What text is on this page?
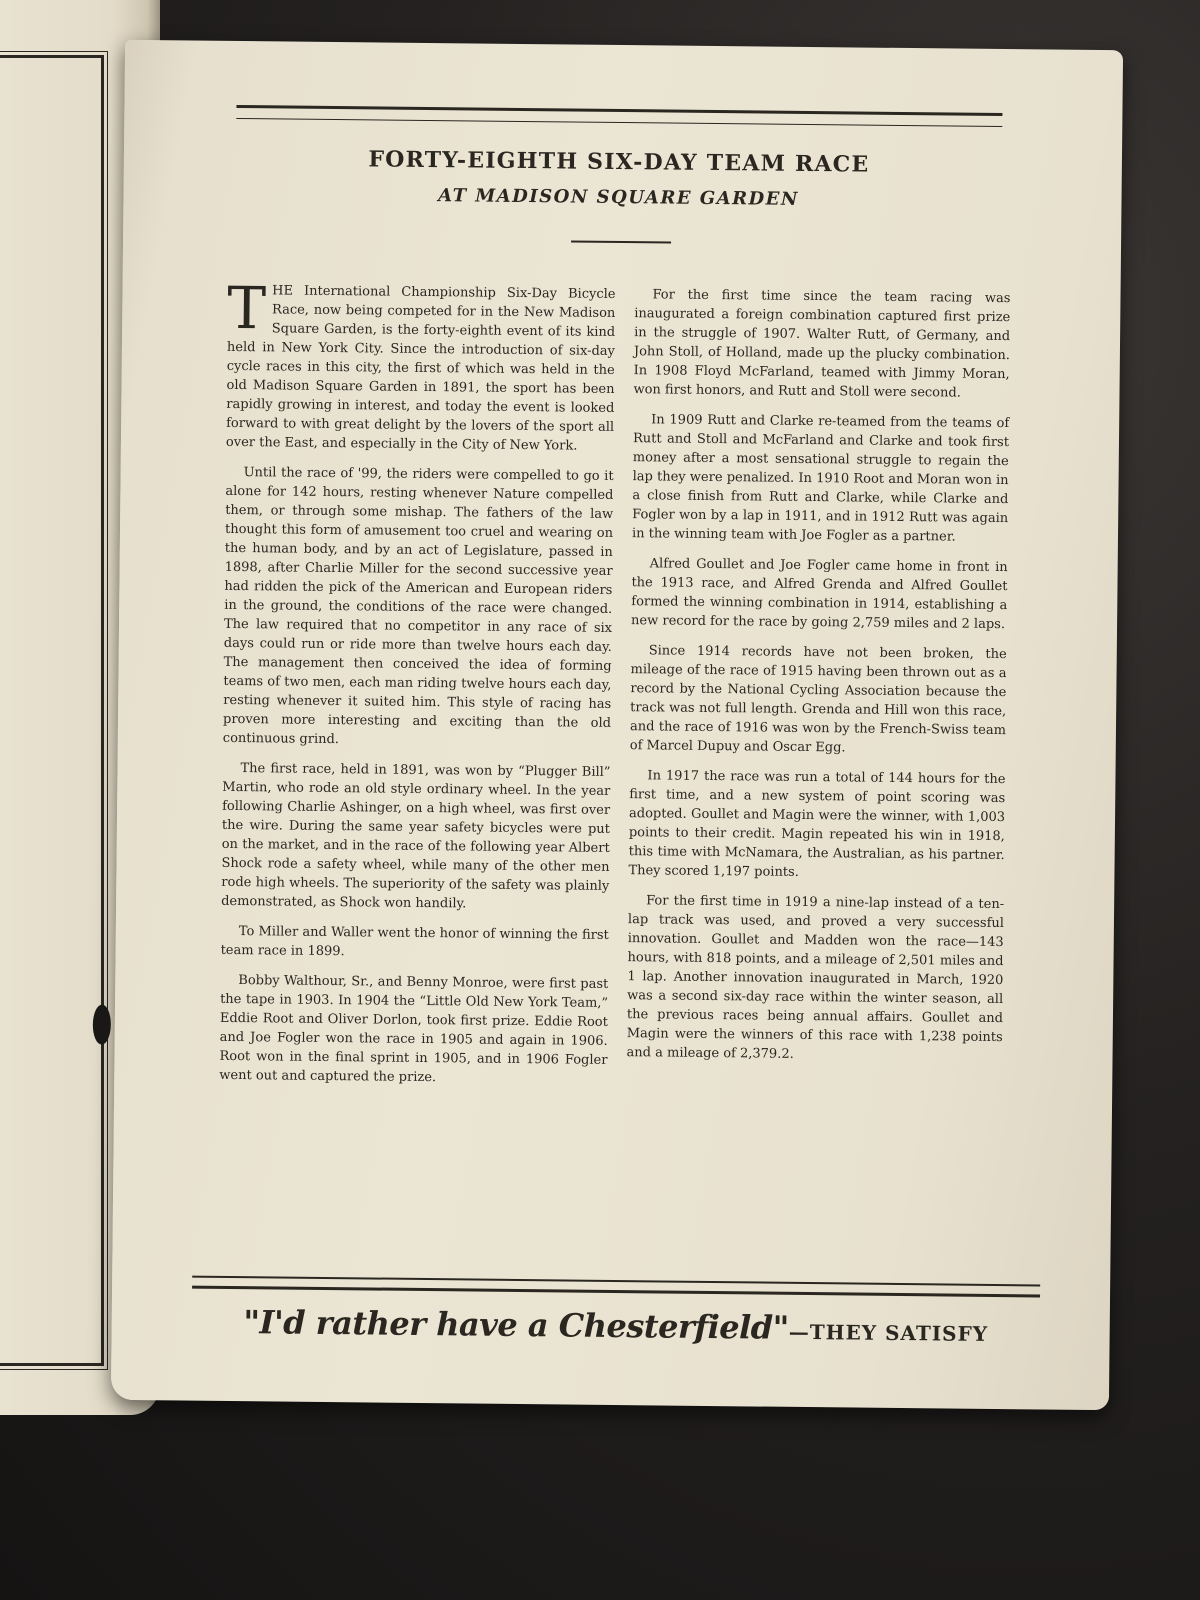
FORTY-EIGHTH SIX-DAY TEAM RACE
AT MADISON SQUARE GARDEN

THE International Championship Six-Day Bicycle Race, now being competed for in the New Madison Square Garden, is the forty-eighth event of its kind held in New York City. Since the introduction of six-day cycle races in this city, the first of which was held in the old Madison Square Garden in 1891, the sport has been rapidly growing in interest, and today the event is looked forward to with great delight by the lovers of the sport all over the East, and especially in the City of New York.

Until the race of '99, the riders were compelled to go it alone for 142 hours, resting whenever Nature compelled them, or through some mishap. The fathers of the law thought this form of amusement too cruel and wearing on the human body, and by an act of Legislature, passed in 1898, after Charlie Miller for the second successive year had ridden the pick of the American and European riders in the ground, the conditions of the race were changed. The law required that no competitor in any race of six days could run or ride more than twelve hours each day. The management then conceived the idea of forming teams of two men, each man riding twelve hours each day, resting whenever it suited him. This style of racing has proven more interesting and exciting than the old continuous grind.

The first race, held in 1891, was won by “Plugger Bill” Martin, who rode an old style ordinary wheel. In the year following Charlie Ashinger, on a high wheel, was first over the wire. During the same year safety bicycles were put on the market, and in the race of the following year Albert Shock rode a safety wheel, while many of the other men rode high wheels. The superiority of the safety was plainly demonstrated, as Shock won handily.

To Miller and Waller went the honor of winning the first team race in 1899.

Bobby Walthour, Sr., and Benny Monroe, were first past the tape in 1903. In 1904 the “Little Old New York Team,” Eddie Root and Oliver Dorlon, took first prize. Eddie Root and Joe Fogler won the race in 1905 and again in 1906. Root won in the final sprint in 1905, and in 1906 Fogler went out and captured the prize.

For the first time since the team racing was inaugurated a foreign combination captured first prize in the struggle of 1907. Walter Rutt, of Germany, and John Stoll, of Holland, made up the plucky combination. In 1908 Floyd McFarland, teamed with Jimmy Moran, won first honors, and Rutt and Stoll were second.

In 1909 Rutt and Clarke re-teamed from the teams of Rutt and Stoll and McFarland and Clarke and took first money after a most sensational struggle to regain the lap they were penalized. In 1910 Root and Moran won in a close finish from Rutt and Clarke, while Clarke and Fogler won by a lap in 1911, and in 1912 Rutt was again in the winning team with Joe Fogler as a partner.

Alfred Goullet and Joe Fogler came home in front in the 1913 race, and Alfred Grenda and Alfred Goullet formed the winning combination in 1914, establishing a new record for the race by going 2,759 miles and 2 laps.

Since 1914 records have not been broken, the mileage of the race of 1915 having been thrown out as a record by the National Cycling Association because the track was not full length. Grenda and Hill won this race, and the race of 1916 was won by the French-Swiss team of Marcel Dupuy and Oscar Egg.

In 1917 the race was run a total of 144 hours for the first time, and a new system of point scoring was adopted. Goullet and Magin were the winner, with 1,003 points to their credit. Magin repeated his win in 1918, this time with McNamara, the Australian, as his partner. They scored 1,197 points.

For the first time in 1919 a nine-lap instead of a ten-lap track was used, and proved a very successful innovation. Goullet and Madden won the race—143 hours, with 818 points, and a mileage of 2,501 miles and 1 lap. Another innovation inaugurated in March, 1920 was a second six-day race within the winter season, all the previous races being annual affairs. Goullet and Magin were the winners of this race with 1,238 points and a mileage of 2,379.2.

"I'd rather have a Chesterfield"—THEY SATISFY
